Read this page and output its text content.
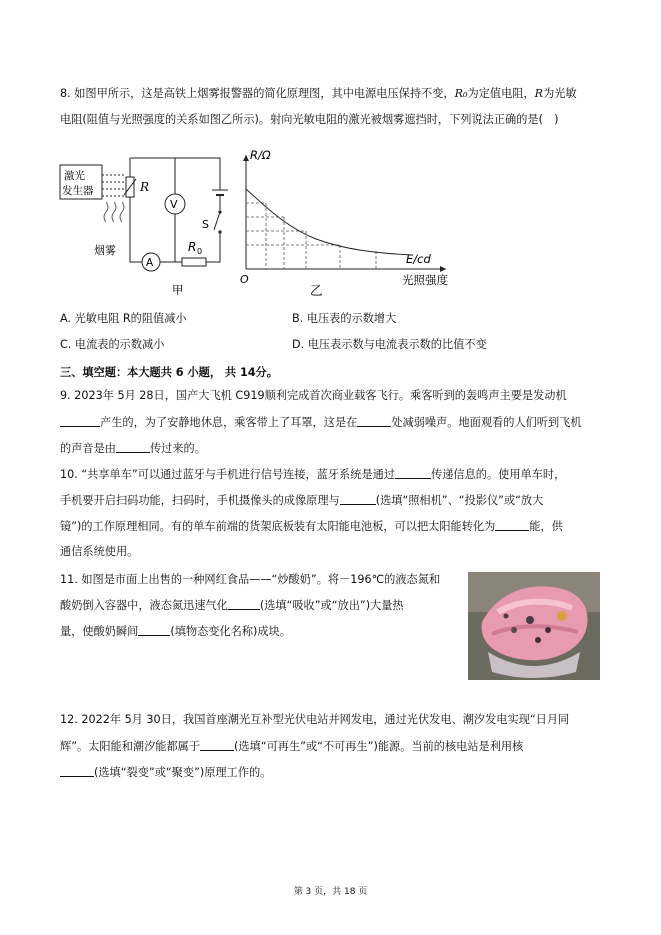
8. 如图甲所示，这是高铁上烟雾报警器的简化原理图，其中电源电压保持不变，R₀为定值电阻，R为光敏
电阻(阻值与光照强度的关系如图乙所示)。射向光敏电阻的激光被烟雾遮挡时，下列说法正确的是(　)
激光
发生器
烟雾
V
R
A
R 0
S
甲
R/Ω
E/cd
光照强度
O
乙
A. 光敏电阻 R的阻值减小	B. 电压表的示数增大
C. 电流表的示数减小	D. 电压表示数与电流表示数的比值不变
三、填空题：本大题共 6 小题， 共 14分。
9. 2023年 5月 28日，国产大飞机 C919顺利完成首次商业载客飞行。乘客听到的轰鸣声主要是发动机
产生的，为了安静地休息，乘客带上了耳罩，这是在	处减弱噪声。地面观看的人们听到飞机
的声音是由	传过来的。
10. “共享单车”可以通过蓝牙与手机进行信号连接，蓝牙系统是通过	传递信息的。使用单车时，
手机要开启扫码功能，扫码时，手机摄像头的成像原理与	(选填“照相机”、“投影仪”或“放大
镜”)的工作原理相同。有的单车前端的货架底板装有太阳能电池板，可以把太阳能转化为	能，供
通信系统使用。
11. 如图是市面上出售的一种网红食品——“炒酸奶”。将－196℃的液态氮和
酸奶倒入容器中，液态氮迅速气化	(选填“吸收”或“放出”)大量热
量，使酸奶瞬间	(填物态变化名称)成块。
12. 2022年 5月 30日，我国首座潮光互补型光伏电站并网发电，通过光伏发电、潮汐发电实现“日月同
辉”。太阳能和潮汐能都属于	(选填“可再生”或“不可再生”)能源。当前的核电站是利用核
(选填“裂变”或“聚变”)原理工作的。
第 3 页，共 18 页
